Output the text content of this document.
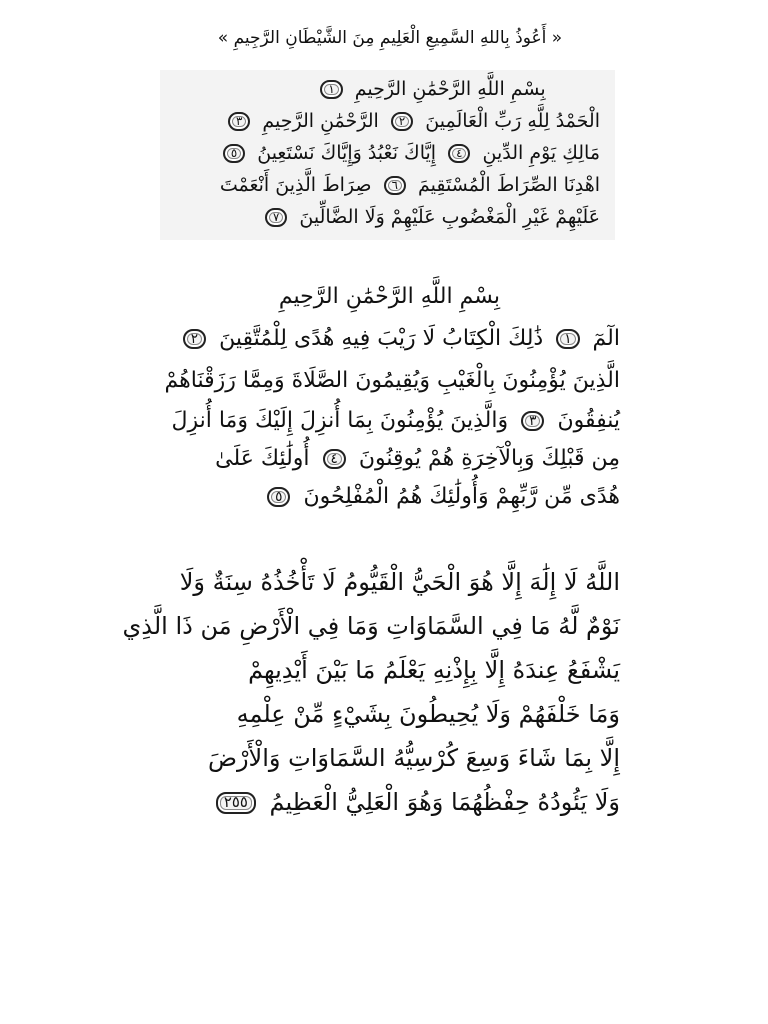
« أَعُوذُ بِاللهِ السَّمِيعِ الْعَلِيمِ مِنَ الشَّيْطَانِ الرَّجِيمِ »
بِسْمِ اللَّهِ الرَّحْمَٰنِ الرَّحِيمِ ١
الْحَمْدُ لِلَّهِ رَبِّ الْعَالَمِينَ ٢ الرَّحْمَٰنِ الرَّحِيمِ ٣
مَالِكِ يَوْمِ الدِّينِ ٤ إِيَّاكَ نَعْبُدُ وَإِيَّاكَ نَسْتَعِينُ ٥
اهْدِنَا الصِّرَاطَ الْمُسْتَقِيمَ ٦ صِرَاطَ الَّذِينَ أَنْعَمْتَ
عَلَيْهِمْ غَيْرِ الْمَغْضُوبِ عَلَيْهِمْ وَلَا الضَّالِّينَ ٧
بِسْمِ اللَّهِ الرَّحْمَٰنِ الرَّحِيمِ
الٓمٓ ١ ذَٰلِكَ الْكِتَابُ لَا رَيْبَ فِيهِ هُدًى لِلْمُتَّقِينَ ٢
الَّذِينَ يُؤْمِنُونَ بِالْغَيْبِ وَيُقِيمُونَ الصَّلَاةَ وَمِمَّا رَزَقْنَاهُمْ
يُنفِقُونَ ٣ وَالَّذِينَ يُؤْمِنُونَ بِمَا أُنزِلَ إِلَيْكَ وَمَا أُنزِلَ
مِن قَبْلِكَ وَبِالْآخِرَةِ هُمْ يُوقِنُونَ ٤ أُولَٰئِكَ عَلَىٰ
هُدًى مِّن رَّبِّهِمْ وَأُولَٰئِكَ هُمُ الْمُفْلِحُونَ ٥
اللَّهُ لَا إِلَٰهَ إِلَّا هُوَ الْحَيُّ الْقَيُّومُ لَا تَأْخُذُهُ سِنَةٌ وَلَا
نَوْمٌ لَّهُ مَا فِي السَّمَاوَاتِ وَمَا فِي الْأَرْضِ مَن ذَا الَّذِي
يَشْفَعُ عِندَهُ إِلَّا بِإِذْنِهِ يَعْلَمُ مَا بَيْنَ أَيْدِيهِمْ
وَمَا خَلْفَهُمْ وَلَا يُحِيطُونَ بِشَيْءٍ مِّنْ عِلْمِهِ
إِلَّا بِمَا شَاءَ وَسِعَ كُرْسِيُّهُ السَّمَاوَاتِ وَالْأَرْضَ
وَلَا يَئُودُهُ حِفْظُهُمَا وَهُوَ الْعَلِيُّ الْعَظِيمُ ٢٥٥
